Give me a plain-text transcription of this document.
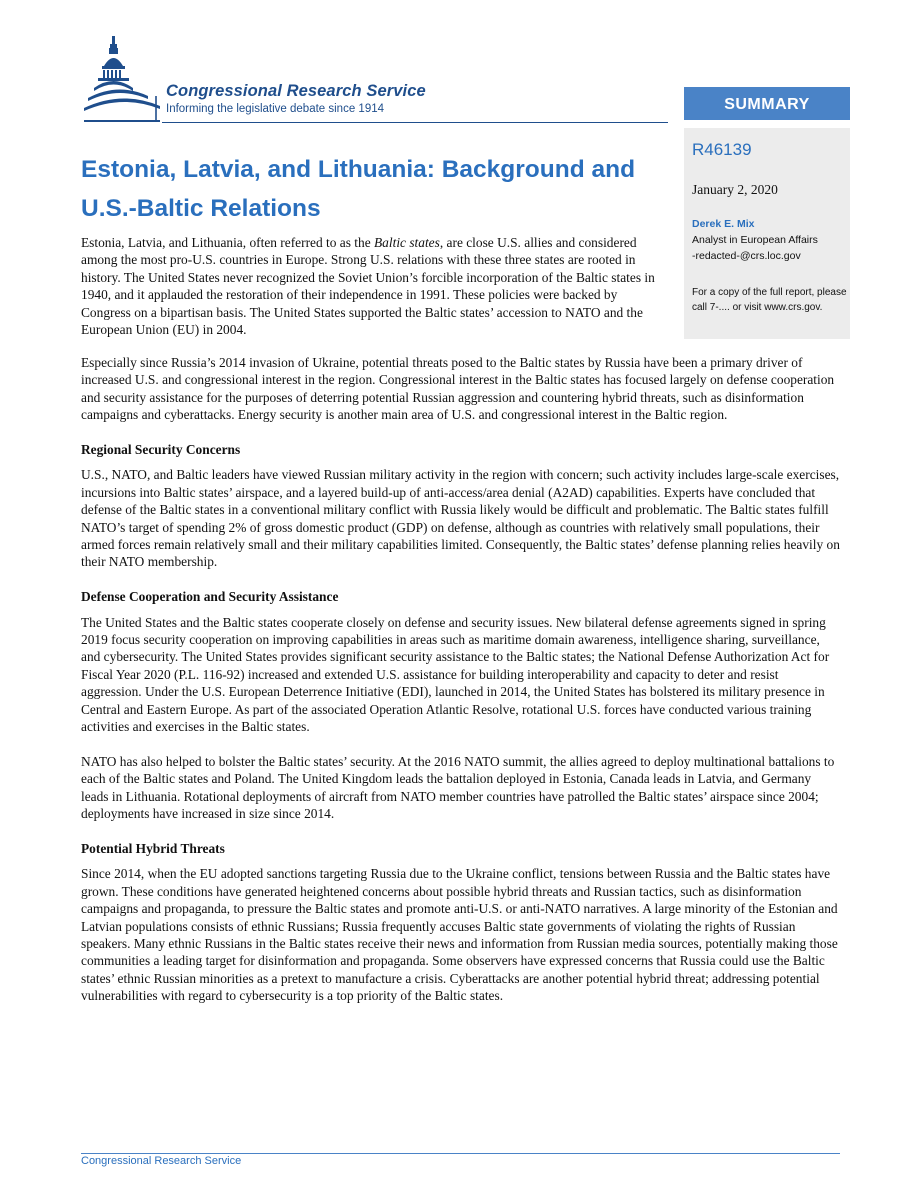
Congressional Research Service
Informing the legislative debate since 1914	SUMMARY
R46139
January 2, 2020
Derek E. Mix
Analyst in European Affairs
-redacted-@crs.loc.gov
For a copy of the full report, please call 7-.... or visit www.crs.gov.
Estonia, Latvia, and Lithuania: Background and U.S.-Baltic Relations

Estonia, Latvia, and Lithuania, often referred to as the Baltic states, are close U.S. allies and considered among the most pro-U.S. countries in Europe. Strong U.S. relations with these three states are rooted in history. The United States never recognized the Soviet Union’s forcible incorporation of the Baltic states in 1940, and it applauded the restoration of their independence in 1991. These policies were backed by Congress on a bipartisan basis. The United States supported the Baltic states’ accession to NATO and the European Union (EU) in 2004.

Especially since Russia’s 2014 invasion of Ukraine, potential threats posed to the Baltic states by Russia have been a primary driver of increased U.S. and congressional interest in the region. Congressional interest in the Baltic states has focused largely on defense cooperation and security assistance for the purposes of deterring potential Russian aggression and countering hybrid threats, such as disinformation campaigns and cyberattacks. Energy security is another main area of U.S. and congressional interest in the Baltic region.

Regional Security Concerns

U.S., NATO, and Baltic leaders have viewed Russian military activity in the region with concern; such activity includes large-scale exercises, incursions into Baltic states’ airspace, and a layered build-up of anti-access/area denial (A2AD) capabilities. Experts have concluded that defense of the Baltic states in a conventional military conflict with Russia likely would be difficult and problematic. The Baltic states fulfill NATO’s target of spending 2% of gross domestic product (GDP) on defense, although as countries with relatively small populations, their armed forces remain relatively small and their military capabilities limited. Consequently, the Baltic states’ defense planning relies heavily on their NATO membership.

Defense Cooperation and Security Assistance

The United States and the Baltic states cooperate closely on defense and security issues. New bilateral defense agreements signed in spring 2019 focus security cooperation on improving capabilities in areas such as maritime domain awareness, intelligence sharing, surveillance, and cybersecurity. The United States provides significant security assistance to the Baltic states; the National Defense Authorization Act for Fiscal Year 2020 (P.L. 116-92) increased and extended U.S. assistance for building interoperability and capacity to deter and resist aggression. Under the U.S. European Deterrence Initiative (EDI), launched in 2014, the United States has bolstered its military presence in Central and Eastern Europe. As part of the associated Operation Atlantic Resolve, rotational U.S. forces have conducted various training activities and exercises in the Baltic states.

NATO has also helped to bolster the Baltic states’ security. At the 2016 NATO summit, the allies agreed to deploy multinational battalions to each of the Baltic states and Poland. The United Kingdom leads the battalion deployed in Estonia, Canada leads in Latvia, and Germany leads in Lithuania. Rotational deployments of aircraft from NATO member countries have patrolled the Baltic states’ airspace since 2004; deployments have increased in size since 2014.

Potential Hybrid Threats

Since 2014, when the EU adopted sanctions targeting Russia due to the Ukraine conflict, tensions between Russia and the Baltic states have grown. These conditions have generated heightened concerns about possible hybrid threats and Russian tactics, such as disinformation campaigns and propaganda, to pressure the Baltic states and promote anti-U.S. or anti-NATO narratives. A large minority of the Estonian and Latvian populations consists of ethnic Russians; Russia frequently accuses Baltic state governments of violating the rights of Russian speakers. Many ethnic Russians in the Baltic states receive their news and information from Russian media sources, potentially making those communities a leading target for disinformation and propaganda. Some observers have expressed concerns that Russia could use the Baltic states’ ethnic Russian minorities as a pretext to manufacture a crisis. Cyberattacks are another potential hybrid threat; addressing potential vulnerabilities with regard to cybersecurity is a top priority of the Baltic states.

Congressional Research Service
